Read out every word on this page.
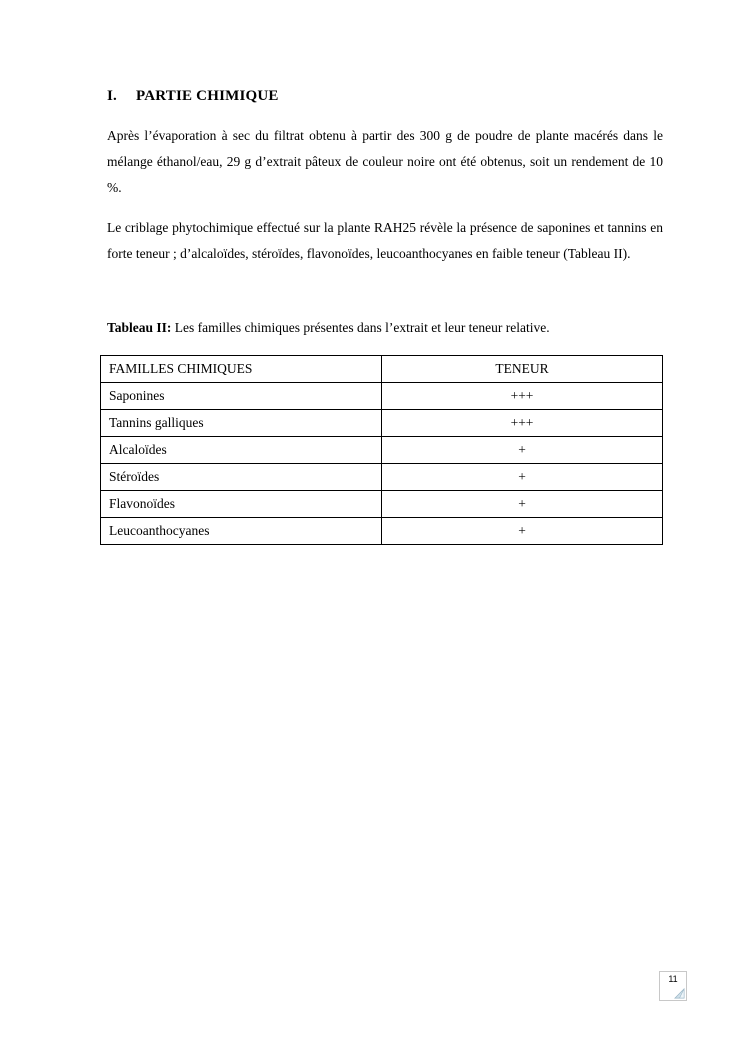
I. PARTIE CHIMIQUE

Après l’évaporation à sec du filtrat obtenu à partir des 300 g de poudre de plante macérés dans le mélange éthanol/eau, 29 g d’extrait pâteux de couleur noire ont été obtenus, soit un rendement de 10 %.

Le criblage phytochimique effectué sur la plante RAH25 révèle la présence de saponines et tannins en forte teneur ; d’alcaloïdes, stéroïdes, flavonoïdes, leucoanthocyanes en faible teneur (Tableau II).

Tableau II: Les familles chimiques présentes dans l’extrait et leur teneur relative.

FAMILLES CHIMIQUES	TENEUR
Saponines	+++
Tannins galliques	+++
Alcaloïdes	+
Stéroïdes	+
Flavonoïdes	+
Leucoanthocyanes	+
11
